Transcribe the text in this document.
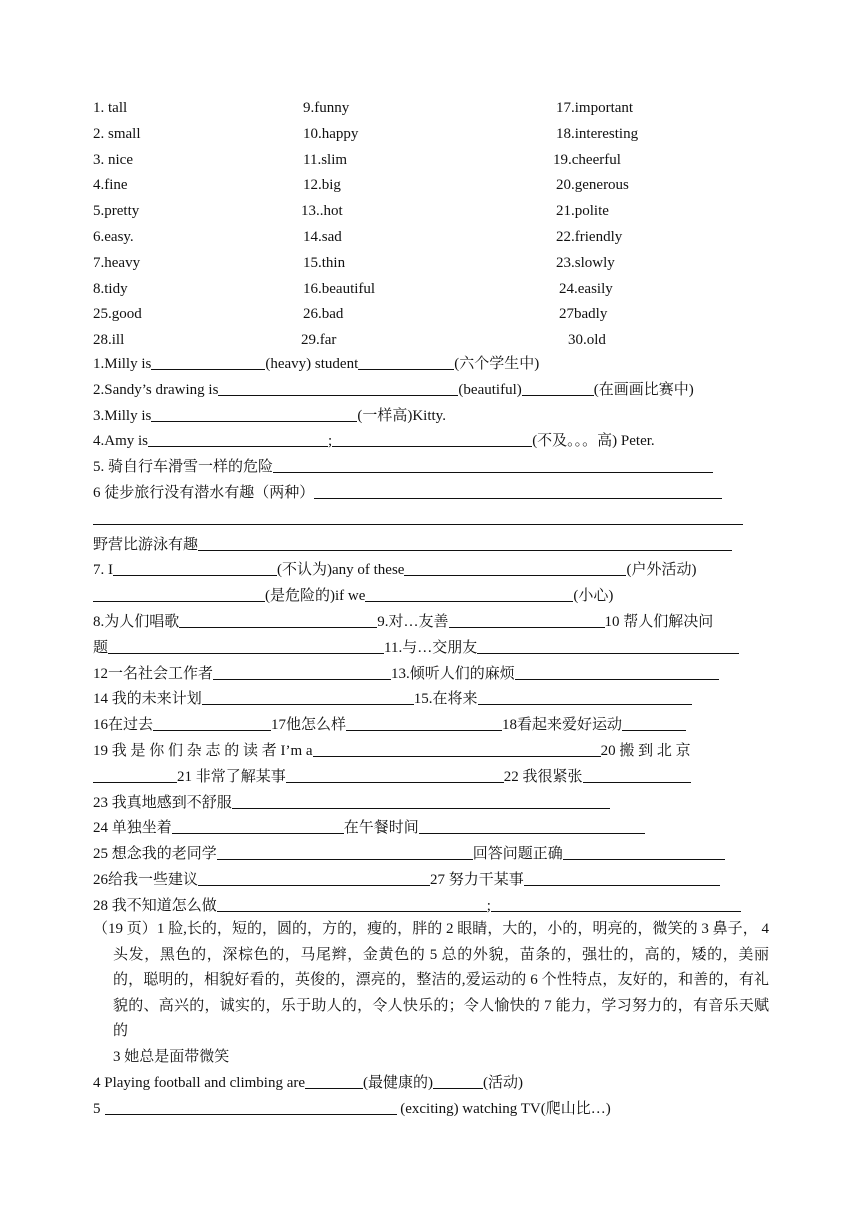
1. tall	9.funny	17.important
2. small	10.happy	18.interesting
3. nice	11.slim	19.cheerful
4.fine	12.big	20.generous
5.pretty	13..hot	21.polite
6.easy.	14.sad	22.friendly
7.heavy	15.thin	23.slowly
8.tidy	16.beautiful	24.easily
25.good	26.bad	27badly
28.ill	29.far	30.old
1.Milly is	(heavy) student	(六个学生中)
2.Sandy’s drawing is	(beautiful)	(在画画比赛中)
3.Milly is	(一样高)Kitty.
4.Amy is	;	(不及。。。高) Peter.
5. 骑自行车滑雪一样的危险
6 徒步旅行没有潜水有趣（两种）
野营比游泳有趣
7. I	(不认为)any of these	(户外活动)
(是危险的)if we	(小心)
8.为人们唱歌	9.对…友善	10 帮人们解决问
题	11.与…交朋友
12一名社会工作者	13.倾听人们的麻烦
14 我的未来计划	15.在将来
16在过去	17他怎么样	18看起来爱好运动
19 我 是 你 们 杂 志 的 读 者 I’m a	20 搬 到 北 京
21 非常了解某事	22 我很紧张
23 我真地感到不舒服
24 单独坐着	在午餐时间
25 想念我的老同学	回答问题正确
26给我一些建议	27 努力干某事
28 我不知道怎么做	;
（19 页）1 脸,长的，短的，圆的，方的，瘦的，胖的 2 眼睛，大的，小的，明亮的，微笑的 3 鼻子， 4 头发，黑色的，深棕色的，马尾辫，金黄色的 5 总的外貌，苗条的，强壮的，高的，矮的，美丽的，聪明的，相貌好看的，英俊的，漂亮的，整洁的,爱运动的 6 个性特点，友好的，和善的，有礼貌的、高兴的，诚实的，乐于助人的，令人快乐的；令人愉快的 7 能力，学习努力的，有音乐天赋的
3 她总是面带微笑
4 Playing football and climbing are	(最健康的)	(活动)
5	(exciting) watching TV(爬山比…)
